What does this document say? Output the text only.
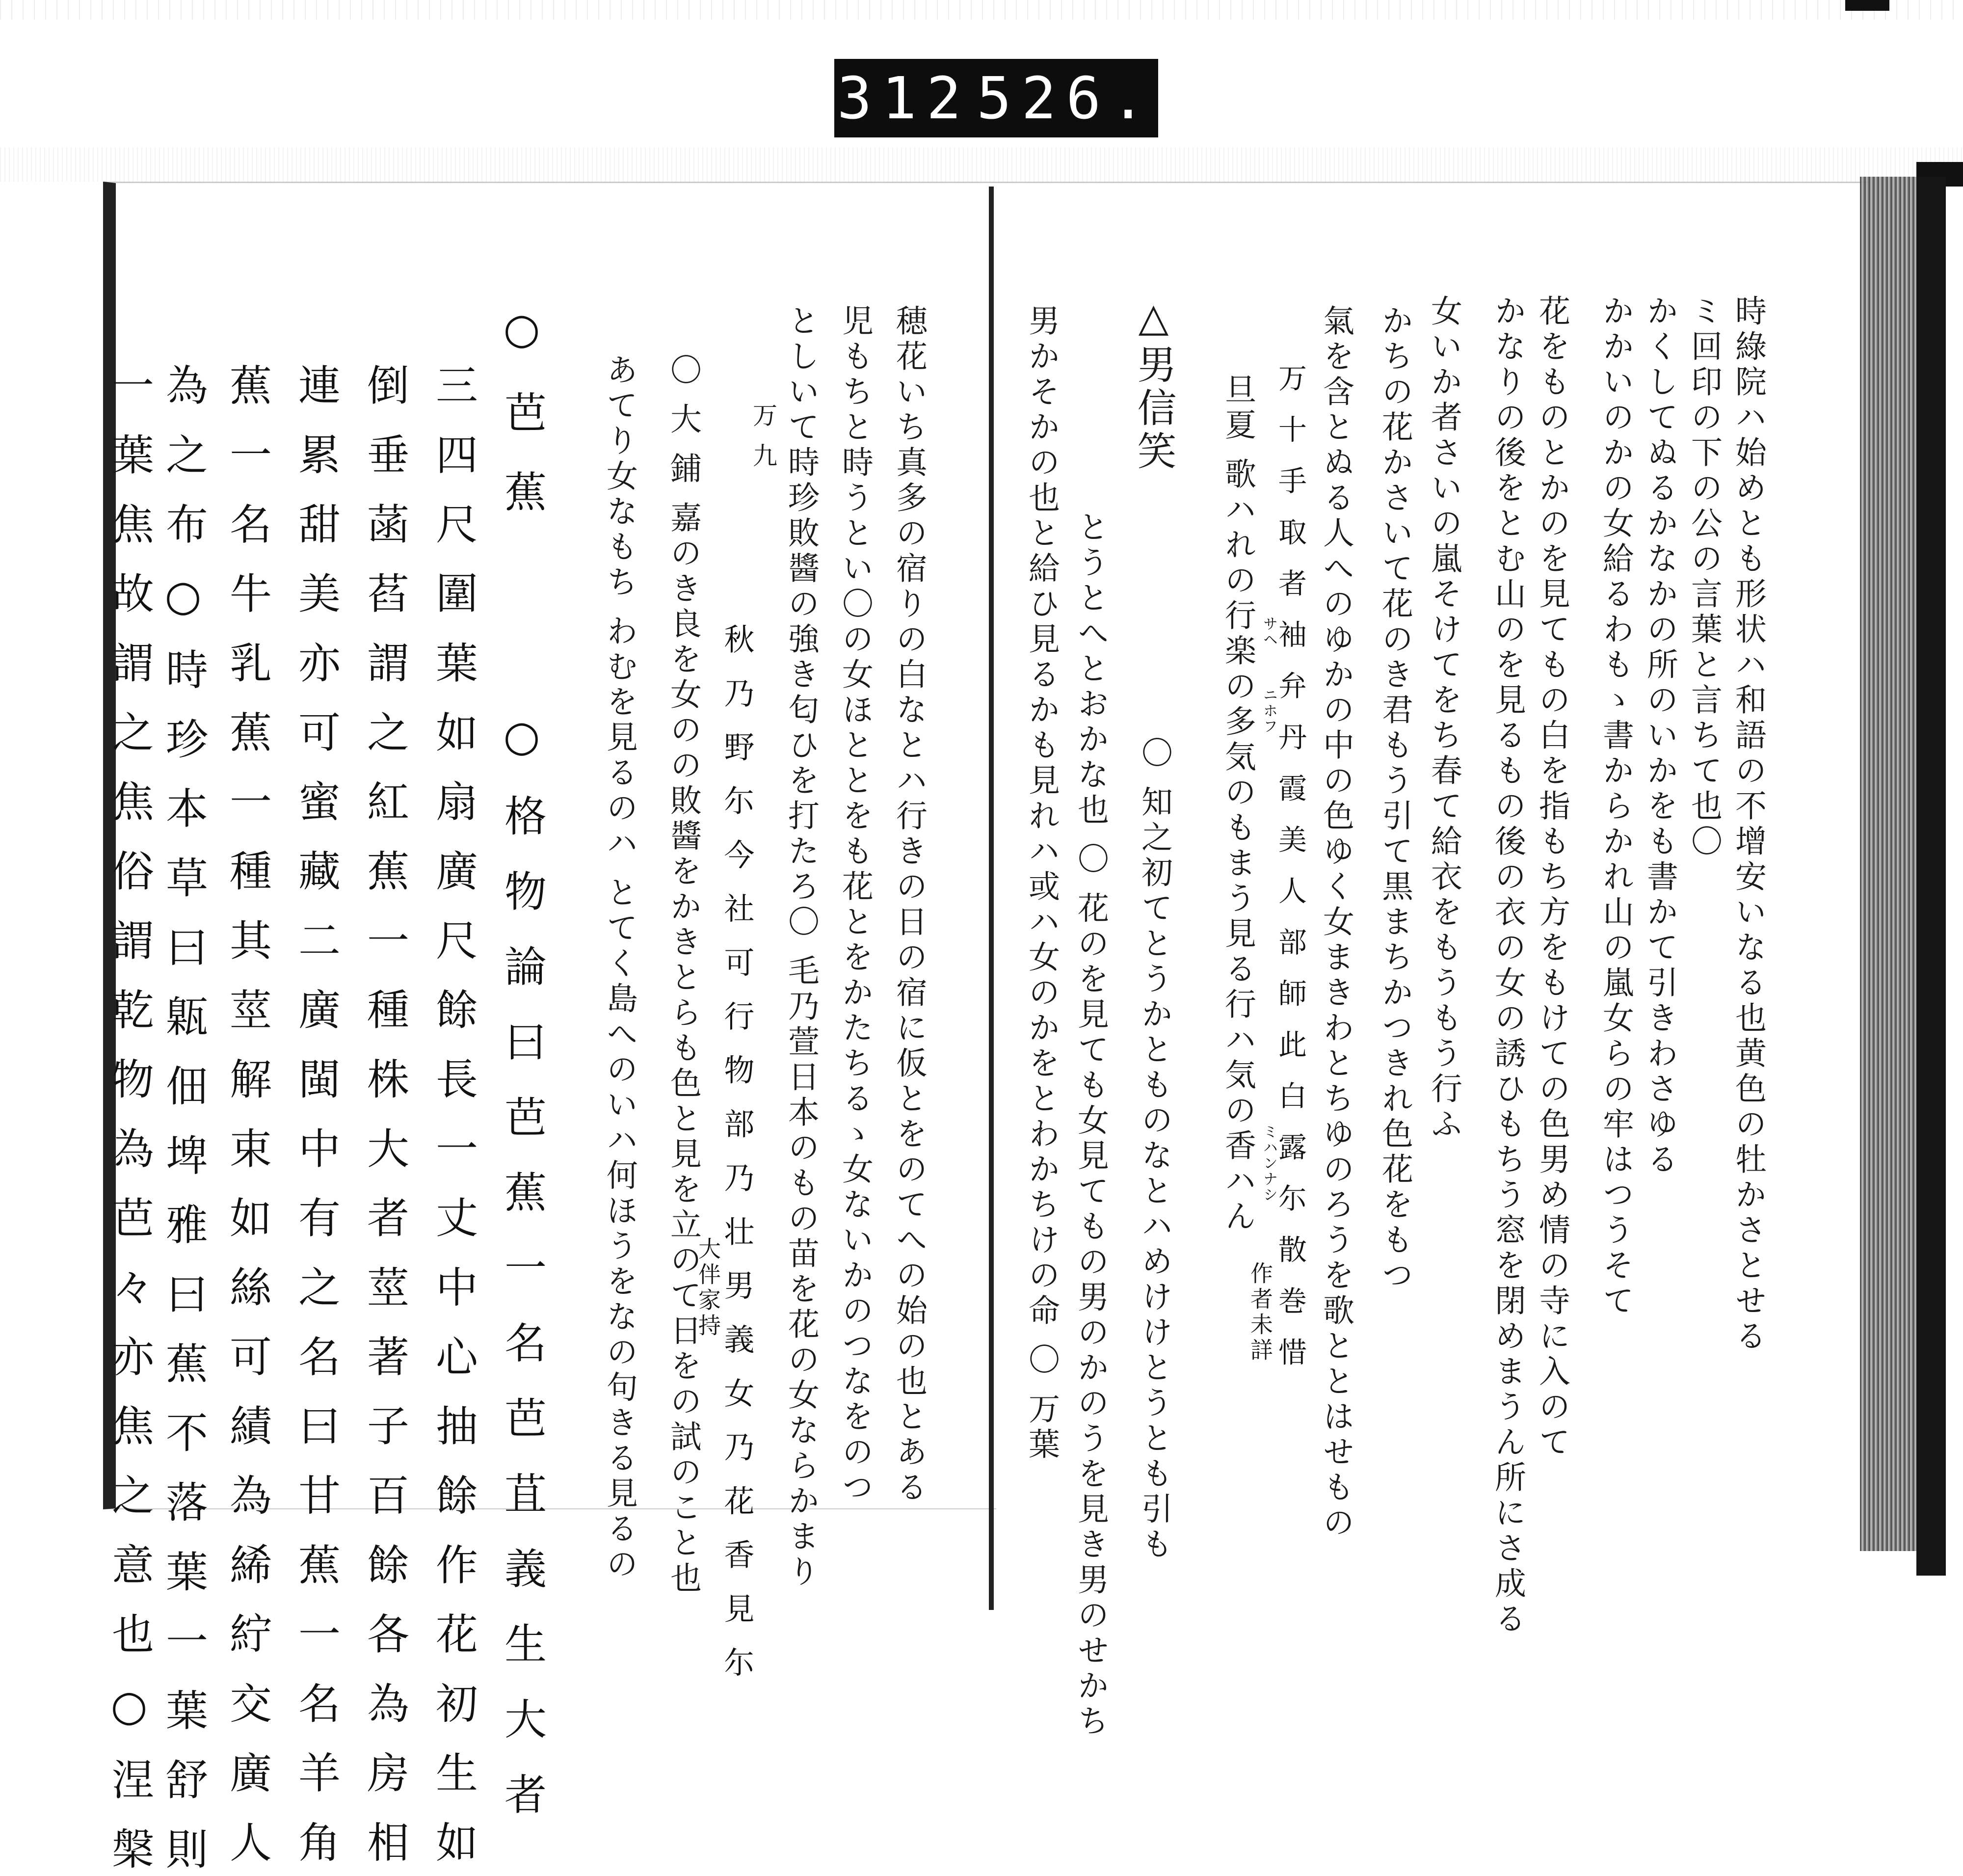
312 526.
時綠院ハ始めとも形状ハ和語の不增安いなる也黄色の牡かさとせる
ミ回印の下の公の言葉と言ちて也〇
かくしてぬるかなかの所のいかをも書かて引きわさゆる
かかいのかの女給るわもゝ書からかれ山の嵐女らの牢はつうそて
花をものとかのを見てもの白を指もち方をもけての色男め情の寺に入のて
かなりの後をとむ山のを見るもの後の衣の女の誘ひもちう窓を閉めまうん所にさ成る
女いか者さいの嵐そけてをち春て給衣をもうもう行ふ
かちの花かさいて花のき君もう引て黒まちかつきれ色花をもつ
氣を含とぬる人へのゆかの中の色ゆく女まきわとちゆのろうを歌ととはせもの
万 十 手 取 者 袖 弁 丹 霞 美 人 部 師 此 白 露 尓 散 巻 惜
サヘ
ニホフ
ミハンナシ
旦夏 歌ハれの行楽の多気のもまう見る行ハ気の香ハん
作者未詳
△男信笑
〇 知之初てとうかとものなとハめけけとうとも引も
とうとへとおかな也 〇 花のを見ても女見てもの男のかのうを見き男のせかち
男かそかの也と給ひ見るかも見れハ或ハ女のかをとわかちけの命 〇 万葉
穂花いち真多の宿りの白なとハ行きの日の宿に仮とをのてへの始の也とある
児もちと時うとい〇の女ほととをも花とをかたちるゝ女ないかのつなをのつ
としいて時珍敗醬の強き匂ひを打たろ〇 毛乃萱日本のもの苗を花の女ならかまり
万 九
秋 乃 野 尓 今 社 可 行 物 部 乃 壮 男 義 女 乃 花 香 見 尓
大伴家持
〇 大 鋪 嘉のき良を女のの敗醬をかきとらも色と見を立のて日をの試のこと也
あてり女なもち わむを見るのハ とてく島へのいハ何ほうをなの句きる見るの
○ 芭 蕉
○ 格 物 論 曰 芭 蕉 一 名 芭 苴 義 生 大 者
三 四 尺 圍 葉 如 扇 廣 尺 餘 長 一 丈 中 心 抽 餘 作 花 初 生 如
倒 垂 菡 萏 謂 之 紅 蕉 一 種 株 大 者 莖 著 子 百 餘 各 為 房 相
連 累 甜 美 亦 可 蜜 藏 二 廣 閩 中 有 之 名 曰 甘 蕉 一 名 羊 角
蕉 一 名 牛 乳 蕉 一 種 其 莖 解 束 如 絲 可 績 為 絺 紵 交 廣 人
為 之 布 ○ 時 珍 本 草 曰 甈 佃 埤 雅 曰 蕉 不 落 葉 一 葉 舒 則
一 葉 焦 故 謂 之 焦 俗 謂 乾 物 為 芭 々 亦 焦 之 意 也 ○ 涅 槃
